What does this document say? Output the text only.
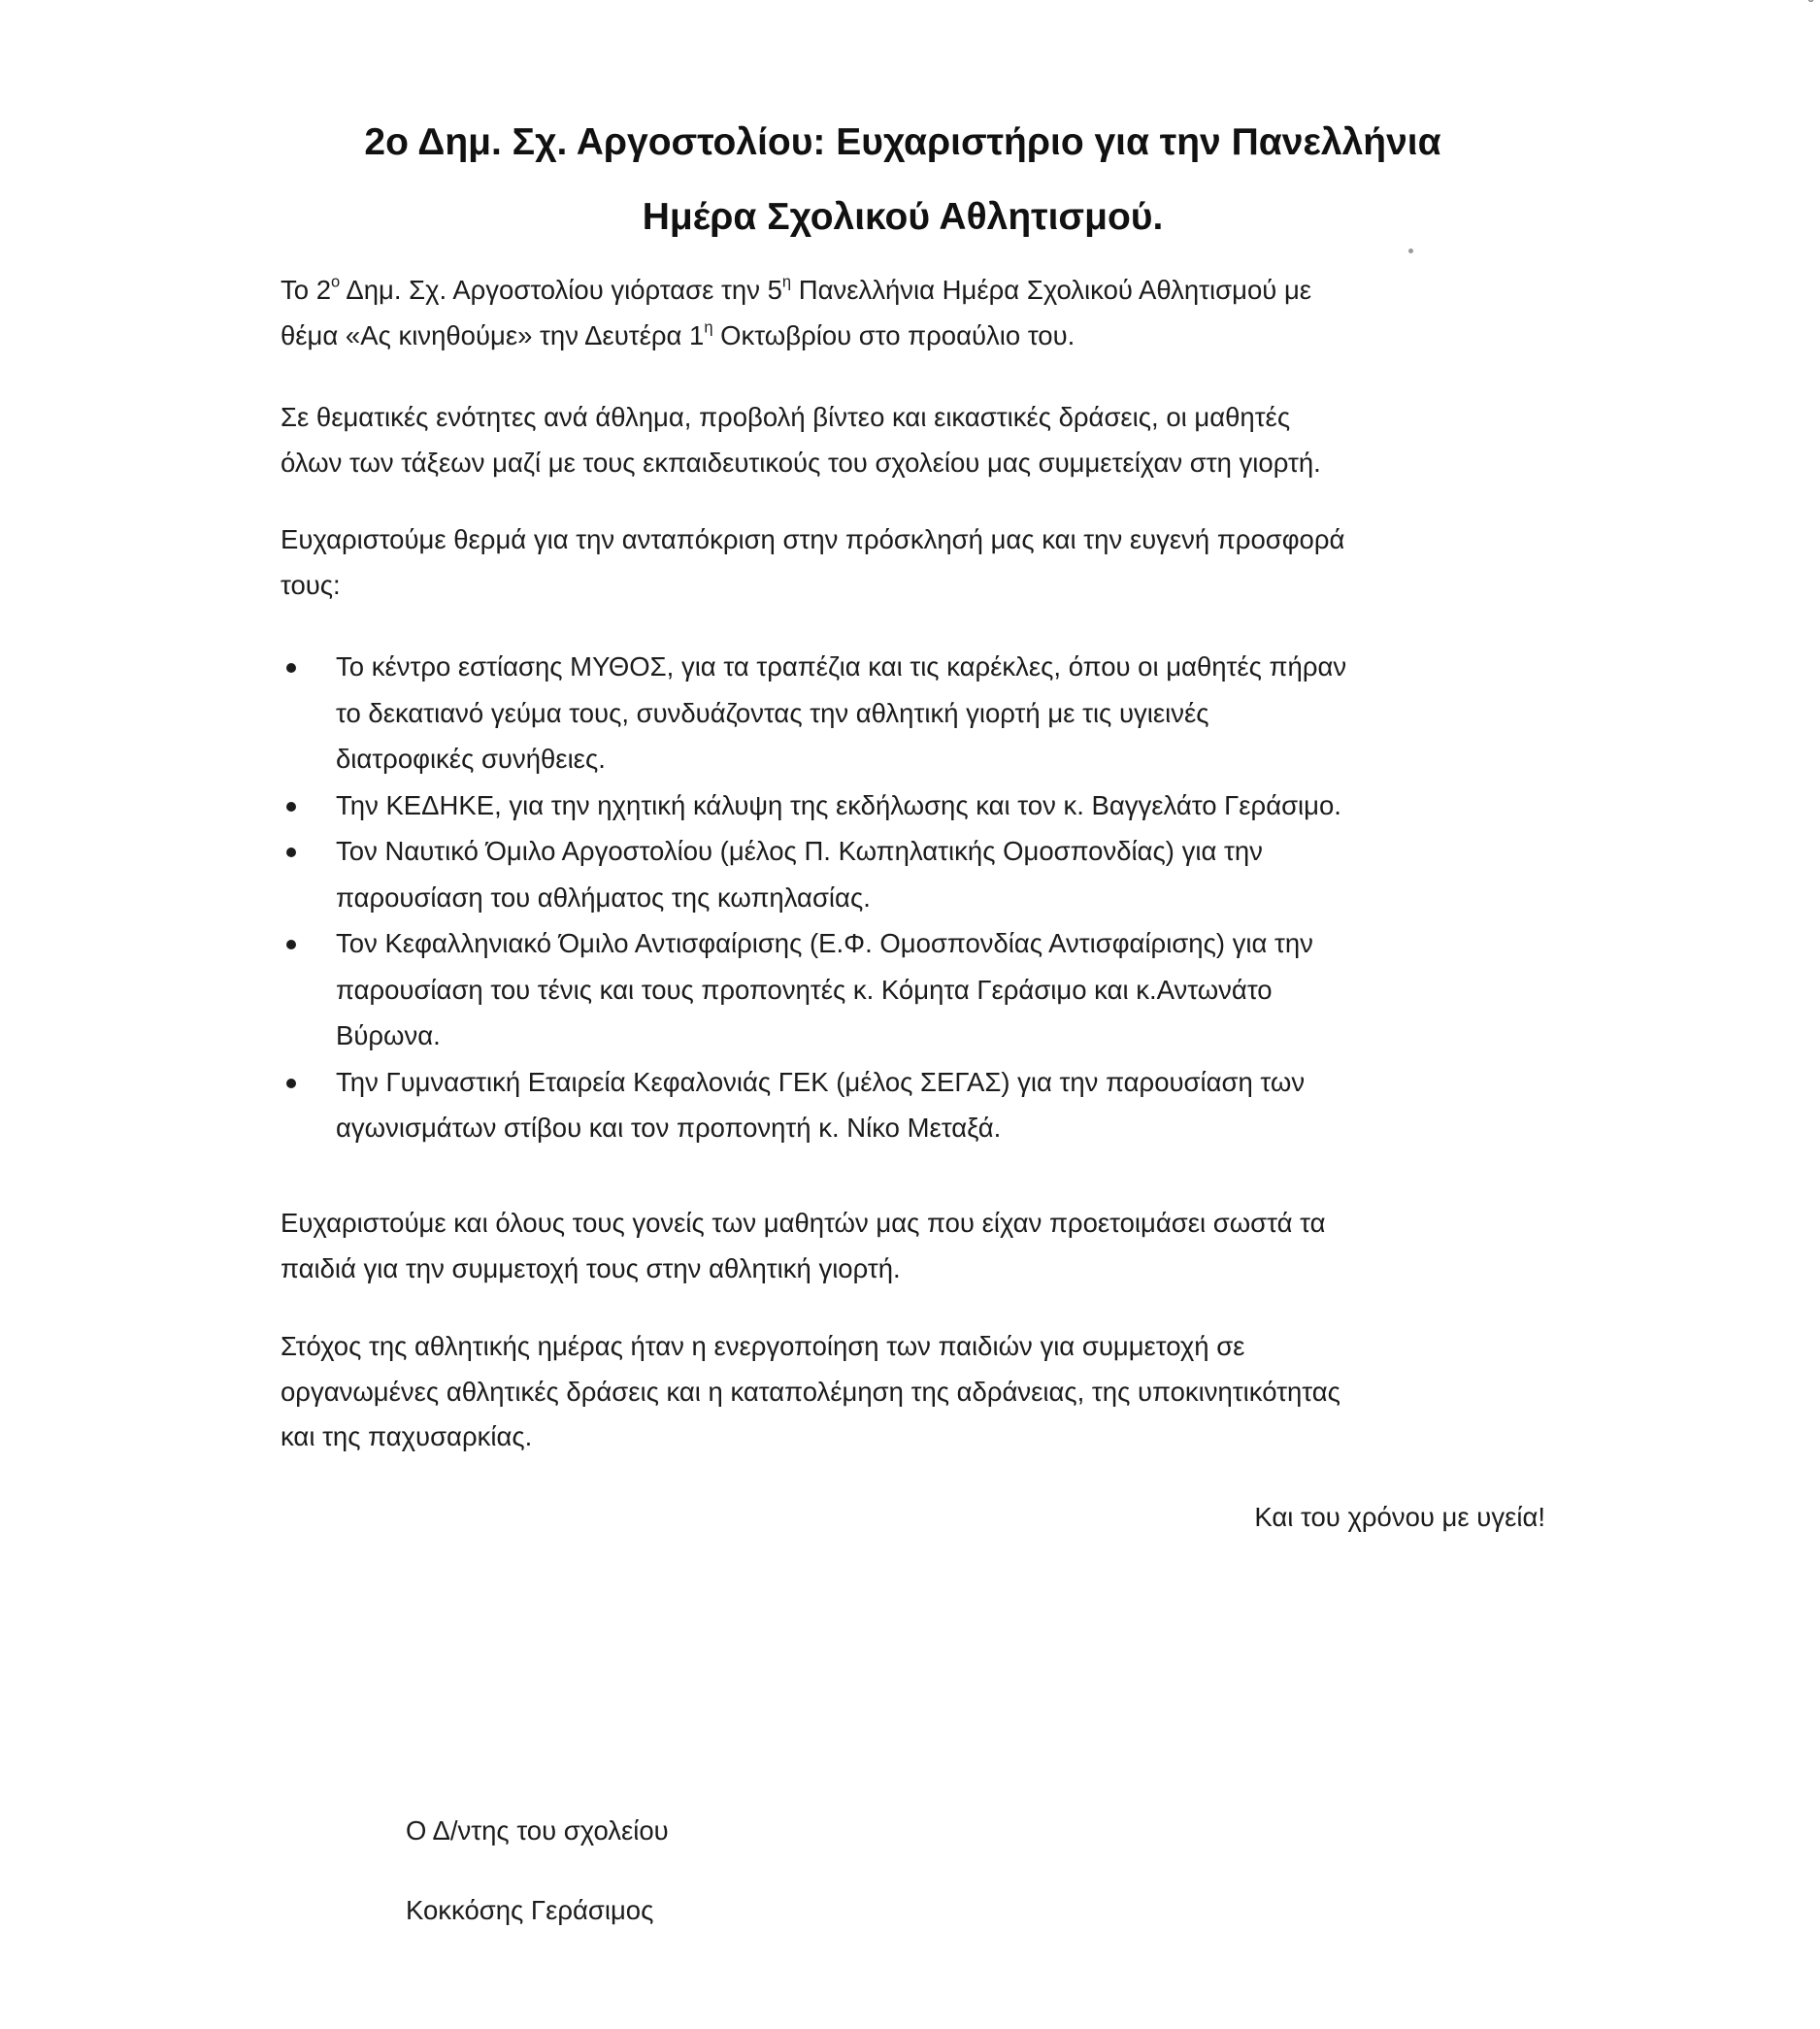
˘
2ο Δημ. Σχ. Αργοστολίου: Ευχαριστήριο για την Πανελλήνια
Ημέρα Σχολικού Αθλητισμού.
Το $2^o$ Δημ. Σχ. Αργοστολίου γιόρτασε την $5^\eta$ Πανελλήνια Ημέρα Σχολικού Αθλητισμού με
θέμα «Ας κινηθούμε» την Δευτέρα $1^\eta$ Οκτωβρίου στο προαύλιο του.
Σε θεματικές ενότητες ανά άθλημα, προβολή βίντεο και εικαστικές δράσεις, οι μαθητές
όλων των τάξεων μαζί με τους εκπαιδευτικούς του σχολείου μας συμμετείχαν στη γιορτή.
Ευχαριστούμε θερμά για την ανταπόκριση στην πρόσκλησή μας και την ευγενή προσφορά
τους:
Το κέντρο εστίασης ΜΥΘΟΣ, για τα τραπέζια και τις καρέκλες, όπου οι μαθητές πήραν
το δεκατιανό γεύμα τους, συνδυάζοντας την αθλητική γιορτή με τις υγιεινές
διατροφικές συνήθειες.
Την ΚΕΔΗΚΕ, για την ηχητική κάλυψη της εκδήλωσης και τον κ. Βαγγελάτο Γεράσιμο.
Τον Ναυτικό Όμιλο Αργοστολίου (μέλος Π. Κωπηλατικής Ομοσπονδίας) για την
παρουσίαση του αθλήματος της κωπηλασίας.
Τον Κεφαλληνιακό Όμιλο Αντισφαίρισης (Ε.Φ. Ομοσπονδίας Αντισφαίρισης) για την
παρουσίαση του τένις και τους προπονητές κ. Κόμητα Γεράσιμο και κ.Αντωνάτο
Βύρωνα.
Την Γυμναστική Εταιρεία Κεφαλονιάς ΓΕΚ (μέλος ΣΕΓΑΣ) για την παρουσίαση των
αγωνισμάτων στίβου και τον προπονητή κ. Νίκο Μεταξά.
Ευχαριστούμε και όλους τους γονείς των μαθητών μας που είχαν προετοιμάσει σωστά τα
παιδιά για την συμμετοχή τους στην αθλητική γιορτή.
Στόχος της αθλητικής ημέρας ήταν η ενεργοποίηση των παιδιών για συμμετοχή σε
οργανωμένες αθλητικές δράσεις και η καταπολέμηση της αδράνειας, της υποκινητικότητας
και της παχυσαρκίας.
Και του χρόνου με υγεία!
Ο Δ/ντης του σχολείου
Κοκκόσης Γεράσιμος
